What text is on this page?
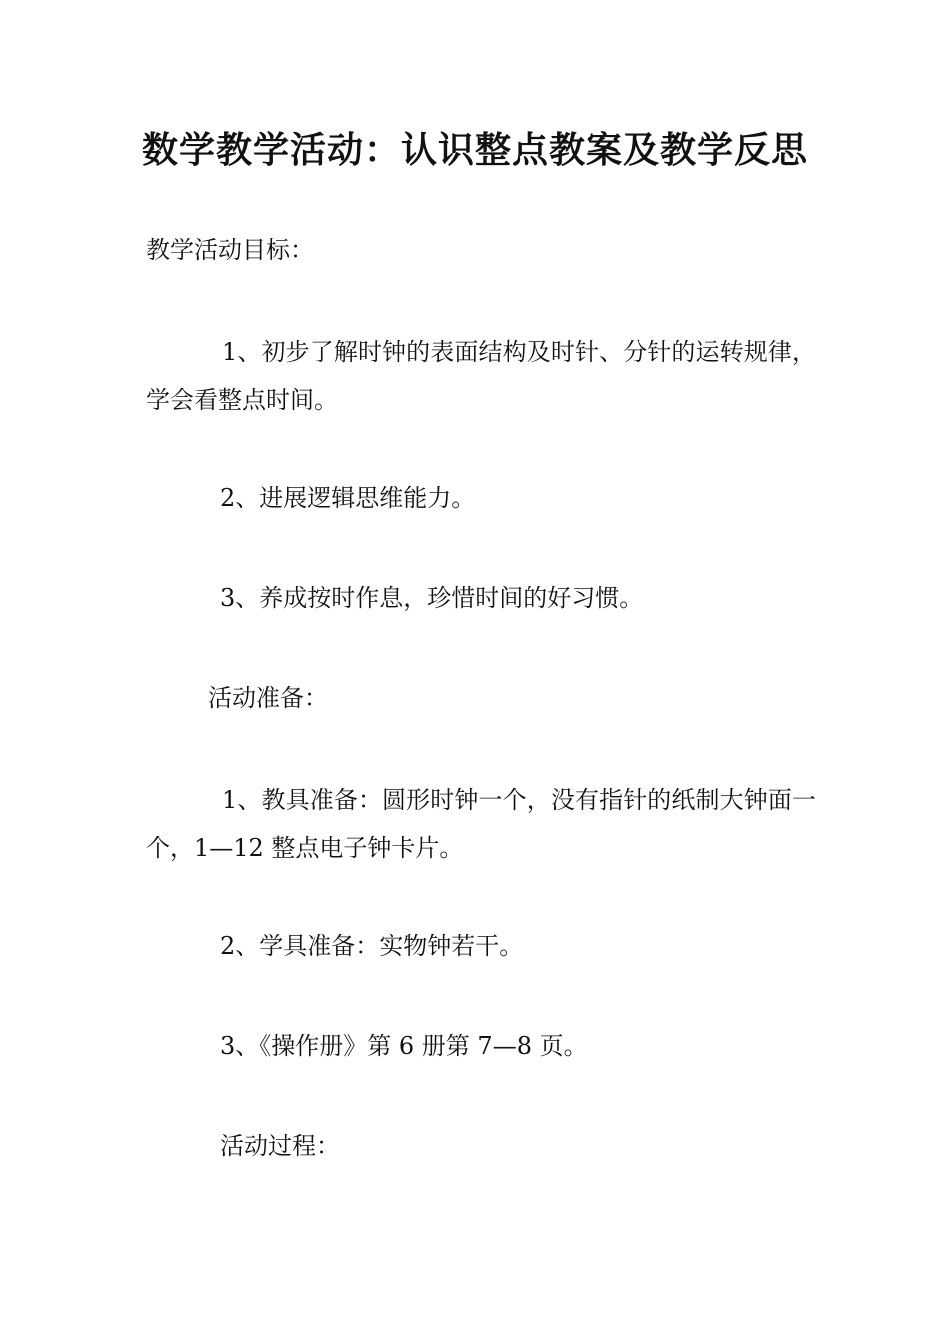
数学教学活动：认识整点教案及教学反思

教学活动目标：

1、初步了解时钟的表面结构及时针、分针的运转规律，学会看整点时间。

2、进展逻辑思维能力。

3、养成按时作息，珍惜时间的好习惯。

活动准备：

1、教具准备：圆形时钟一个，没有指针的纸制大钟面一个，1—12 整点电子钟卡片。

2、学具准备：实物钟若干。

3、《操作册》第 6 册第 7—8 页。

活动过程：
